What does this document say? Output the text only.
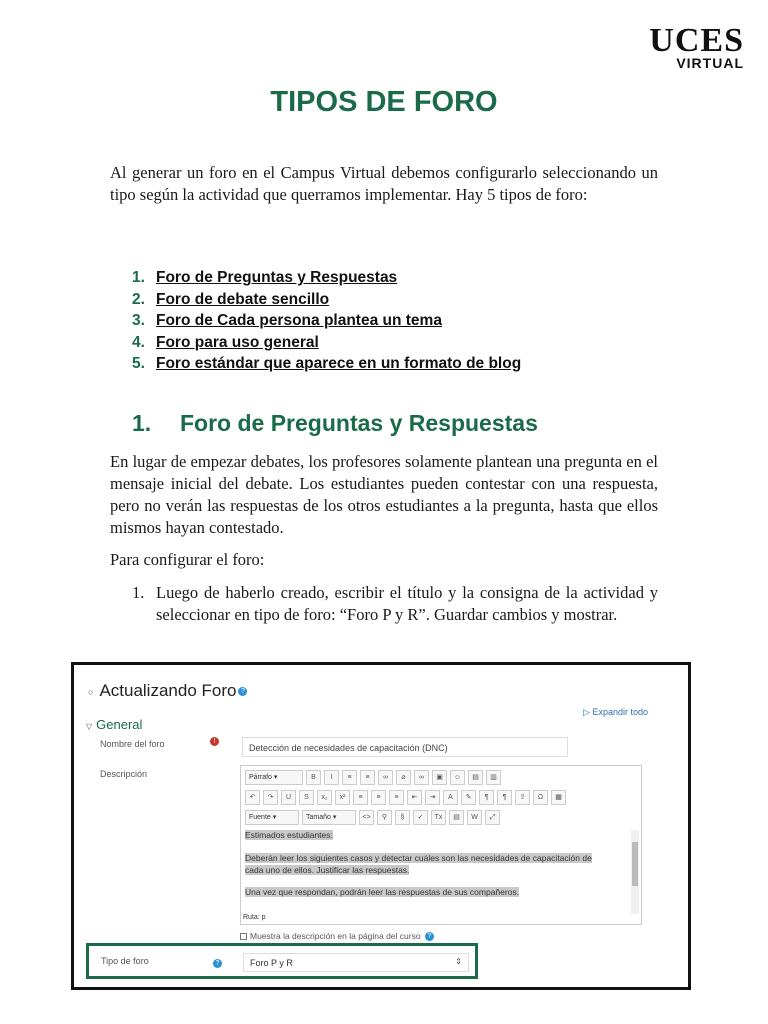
UCES
VIRTUAL
TIPOS DE FORO

Al generar un foro en el Campus Virtual debemos configurarlo seleccionando un tipo según la actividad que querramos implementar. Hay 5 tipos de foro:

1. Foro de Preguntas y Respuestas
2. Foro de debate sencillo
3. Foro de Cada persona plantea un tema
4. Foro para uso general
5. Foro estándar que aparece en un formato de blog
1. Foro de Preguntas y Respuestas

En lugar de empezar debates, los profesores solamente plantean una pregunta en el mensaje inicial del debate. Los estudiantes pueden contestar con una respuesta, pero no verán las respuestas de los otros estudiantes a la pregunta, hasta que ellos mismos hayan contestado.

Para configurar el foro:

1. Luego de haberlo creado, escribir el título y la consigna de la actividad y seleccionar en tipo de foro: “Foro P y R”. Guardar cambios y mostrar.
○ Actualizando Foro ?
▷ Expandir todo
▽ General
Nombre del foro	!
Detección de necesidades de capacitación (DNC)
Descripción	Párrafo ▾	B	I	≡	≡	∞	⌀	∞	▣	☺	▤	▥
↶	↷	U	S	x₂	x²	≡	≡	≡	⇤	⇥	A	✎	¶	¶	⇪	Ω	▦
Fuente ▾	Tamaño ▾	<>	⚲	§	✓	Tx	▤	W	⤢
Estimados estudiantes:
Deberán leer los siguientes casos y detectar cuáles son las necesidades de capacitación de
cada uno de ellos. Justificar las respuestas.
Una vez que respondan, podrán leer las respuestas de sus compañeros.
Ruta: p
Muestra la descripción en la página del curso ?
Tipo de foro	?	Foro P y R	⇕
